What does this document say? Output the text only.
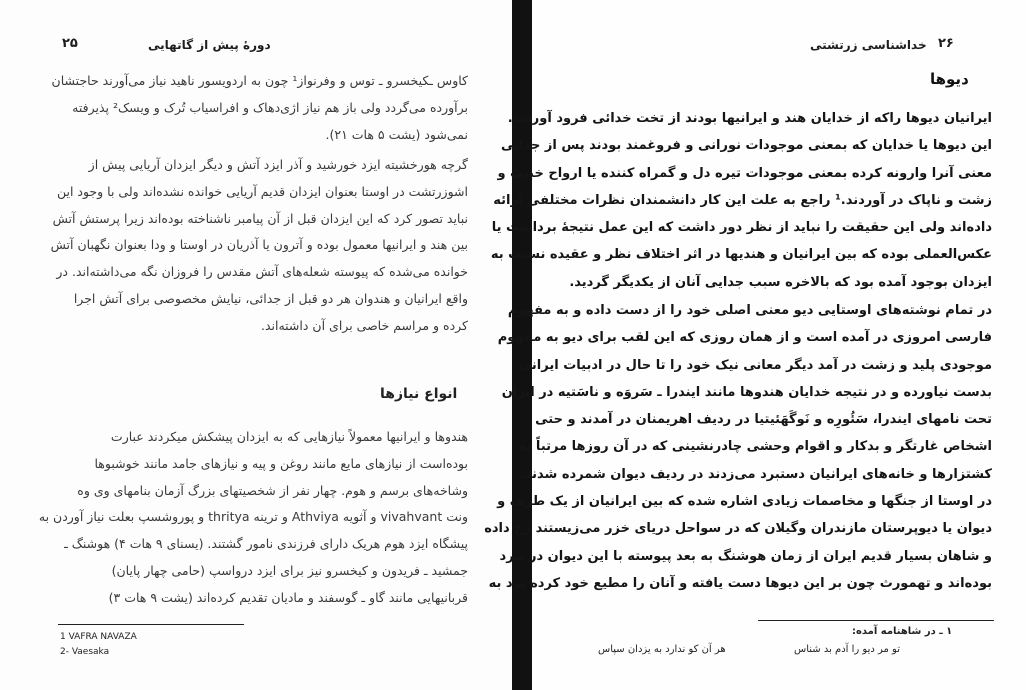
دورهٔ پیش از گاتهایی
۲۵
کاوس ـکیخسرو ـ توس و وفرنواز¹ چون به اردویسور ناهید نیاز می‌آورند حاجتشان
برآورده می‌گردد ولی باز هم نیاز اژی‌دهاک و افراسیاب تُرک و ویسک² پذیرفته
نمی‌شود (یشت ۵ هات ۲۱).
گرچه هورخشیته ایزد خورشید و آذر ایزد آتش و دیگر ایزدان آریایی پیش از
اشوزرتشت در اوستا بعنوان ایزدان قدیم آریایی خوانده نشده‌اند ولی با وجود این
نباید تصور کرد که این ایزدان قبل از آن پیامبر ناشناخته بوده‌اند زیرا پرستش آتش
بین هند و ایرانیها معمول بوده و آترون یا آذریان در اوستا و ودا بعنوان نگهبان آتش
خوانده می‌شده که پیوسته شعله‌های آتش مقدس را فروزان نگه می‌داشته‌اند. در
واقع ایرانیان و هندوان هر دو قبل از جدائی، نیایش مخصوصی برای آتش اجرا
کرده و مراسم خاصی برای آن داشته‌اند.
انواع نیازها
هندوها و ایرانیها معمولاً نیازهایی که به ایزدان پیشکش میکردند عبارت
بوده‌است از نیازهای مایع مانند روغن و پیه و نیازهای جامد مانند خوشبوها
وشاخه‌های برسم و هوم. چهار نفر از شخصیتهای بزرگ آزمان بنامهای وی وه
ونت vivahvant و آثویه Athviya و ترینه thritya و پوروشسپ بعلت نیاز آوردن به
پیشگاه ایزد هوم هریک دارای فرزندی نامور گشتند. (یسنای ۹ هات ۴) هوشنگ ـ
جمشید ـ فریدون و کیخسرو نیز برای ایزد درواسپ (حامی چهار پایان)
قربانیهایی مانند گاو ـ گوسفند و مادیان تقدیم کرده‌اند (یشت ۹ هات ۳)
1 VAFRA NAVAZA
2- Vaesaka
خداشناسی زرتشتی ۲۶
دیوها
ایرانیان دیوها راکه از خدایان هند و ایرانیها بودند از تخت خدائی فرود آوردند.
این دیوها یا خدایان که بمعنی موجودات نورانی و فروغمند بودند پس از جدائی
معنی آنرا وارونه کرده بمعنی موجودات تیره دل و گمراه کننده یا ارواح خبیث و
زشت و ناپاک در آوردند.¹ راجع به علت این کار دانشمندان نظرات مختلفی ارائه
داده‌اند ولی این حقیقت را نباید از نظر دور داشت که این عمل نتیجهٔ برداشت یا
عکس‌العملی بوده که بین ایرانیان و هندیها در اثر اختلاف نظر و عقیده نسبت به
ایزدان بوجود آمده بود که بالاخره سبب جدایی آنان از یکدیگر گردید.
در تمام نوشته‌های اوستایی دیو معنی اصلی خود را از دست داده و به مفهوم
فارسی امروزی در آمده است و از همان روزی که این لقب برای دیو به مفهوم
موجودی پلید و زشت در آمد دیگر معانی نیک خود را تا حال در ادبیات ایرانی
بدست نیاورده و در نتیجه خدایان هندوها مانند ایندرا ـ سَروَه و ناسَتیه در ایران
تحت نامهای ایندرا، سَئُورِه و نَوگَهَئیتیا در ردیف اهریمنان در آمدند و حتی
اشخاص غارتگر و بدکار و اقوام وحشی چادرنشینی که در آن روزها مرتباً به
کشتزارها و خانه‌های ایرانیان دستبرد می‌زدند در ردیف دیوان شمرده شدند.
در اوستا از جنگها و مخاصمات زیادی اشاره شده که بین ایرانیان از یک طرف و
دیوان یا دیوپرستان مازندران وگیلان که در سواحل دریای خزر می‌زیستند رُخ داده
و شاهان بسیار قدیم ایران از زمان هوشنگ به بعد پیوسته با این دیوان در نبرد
بوده‌اند و تهمورث چون بر این دیوها دست یافته و آنان را مطیع خود کرده بود به
۱ ـ در شاهنامه آمده:
تو مر دیو را آدم بد شناس
هر آن کو ندارد به یزدان سپاس
